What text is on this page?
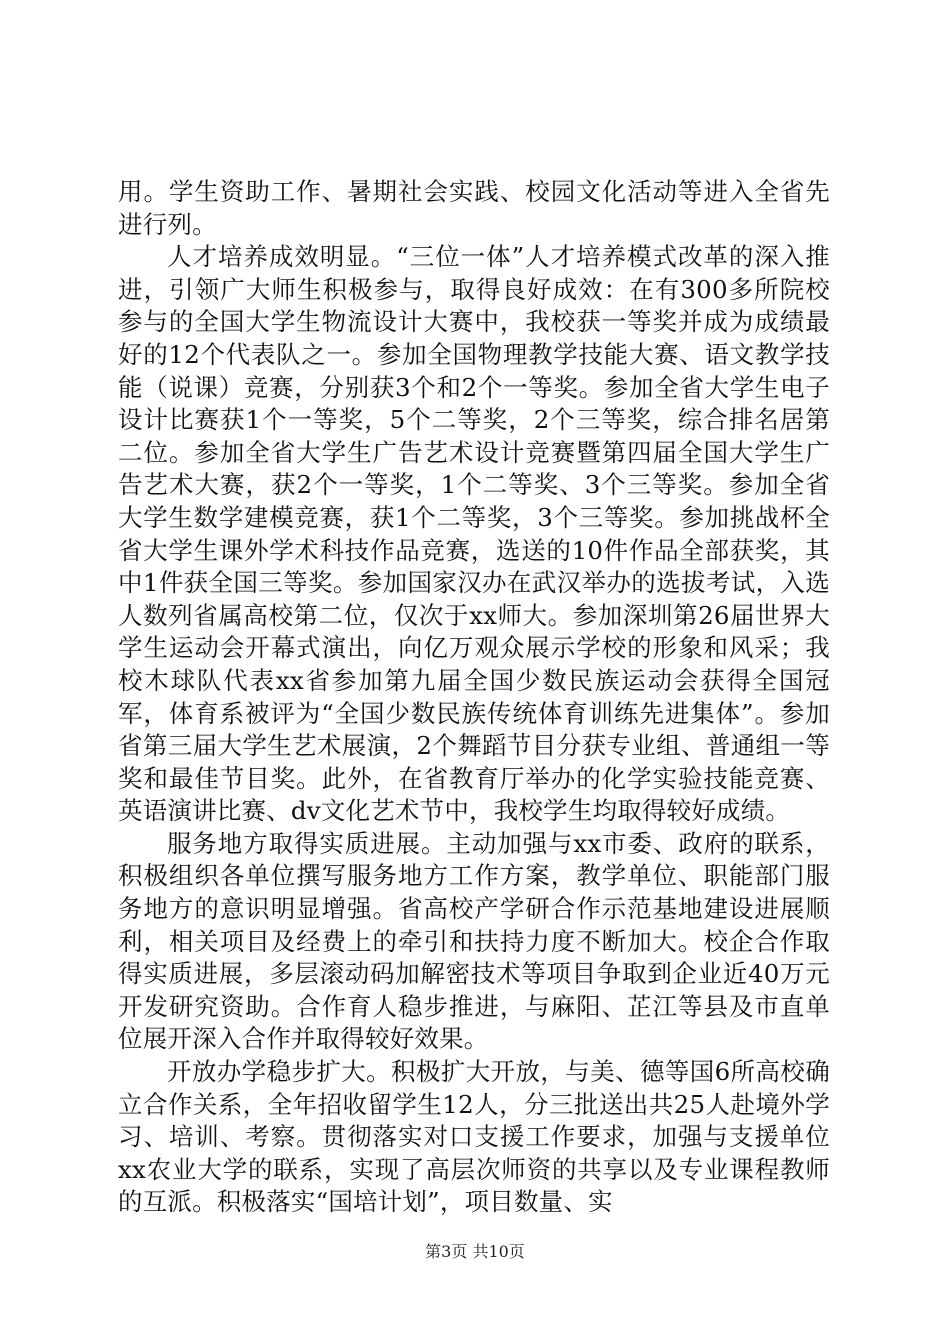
用。学生资助工作、暑期社会实践、校园文化活动等进入全省先进行列。

人才培养成效明显。“三位一体”人才培养模式改革的深入推进，引领广大师生积极参与，取得良好成效：在有300多所院校参与的全国大学生物流设计大赛中，我校获一等奖并成为成绩最好的12个代表队之一。参加全国物理教学技能大赛、语文教学技能（说课）竞赛，分别获3个和2个一等奖。参加全省大学生电子设计比赛获1个一等奖，5个二等奖，2个三等奖，综合排名居第二位。参加全省大学生广告艺术设计竞赛暨第四届全国大学生广告艺术大赛，获2个一等奖，1个二等奖、3个三等奖。参加全省大学生数学建模竞赛，获1个二等奖，3个三等奖。参加挑战杯全省大学生课外学术科技作品竞赛，选送的10件作品全部获奖，其中1件获全国三等奖。参加国家汉办在武汉举办的选拔考试，入选人数列省属高校第二位，仅次于xx师大。参加深圳第26届世界大学生运动会开幕式演出，向亿万观众展示学校的形象和风采；我校木球队代表xx省参加第九届全国少数民族运动会获得全国冠军，体育系被评为“全国少数民族传统体育训练先进集体”。参加省第三届大学生艺术展演，2个舞蹈节目分获专业组、普通组一等奖和最佳节目奖。此外，在省教育厅举办的化学实验技能竞赛、英语演讲比赛、dv文化艺术节中，我校学生均取得较好成绩。

服务地方取得实质进展。主动加强与xx市委、政府的联系，积极组织各单位撰写服务地方工作方案，教学单位、职能部门服务地方的意识明显增强。省高校产学研合作示范基地建设进展顺利，相关项目及经费上的牵引和扶持力度不断加大。校企合作取得实质进展，多层滚动码加解密技术等项目争取到企业近40万元开发研究资助。合作育人稳步推进，与麻阳、芷江等县及市直单位展开深入合作并取得较好效果。

开放办学稳步扩大。积极扩大开放，与美、德等国6所高校确立合作关系，全年招收留学生12人，分三批送出共25人赴境外学习、培训、考察。贯彻落实对口支援工作要求，加强与支援单位xx农业大学的联系，实现了高层次师资的共享以及专业课程教师的互派。积极落实“国培计划”，项目数量、实

第3页 共10页
